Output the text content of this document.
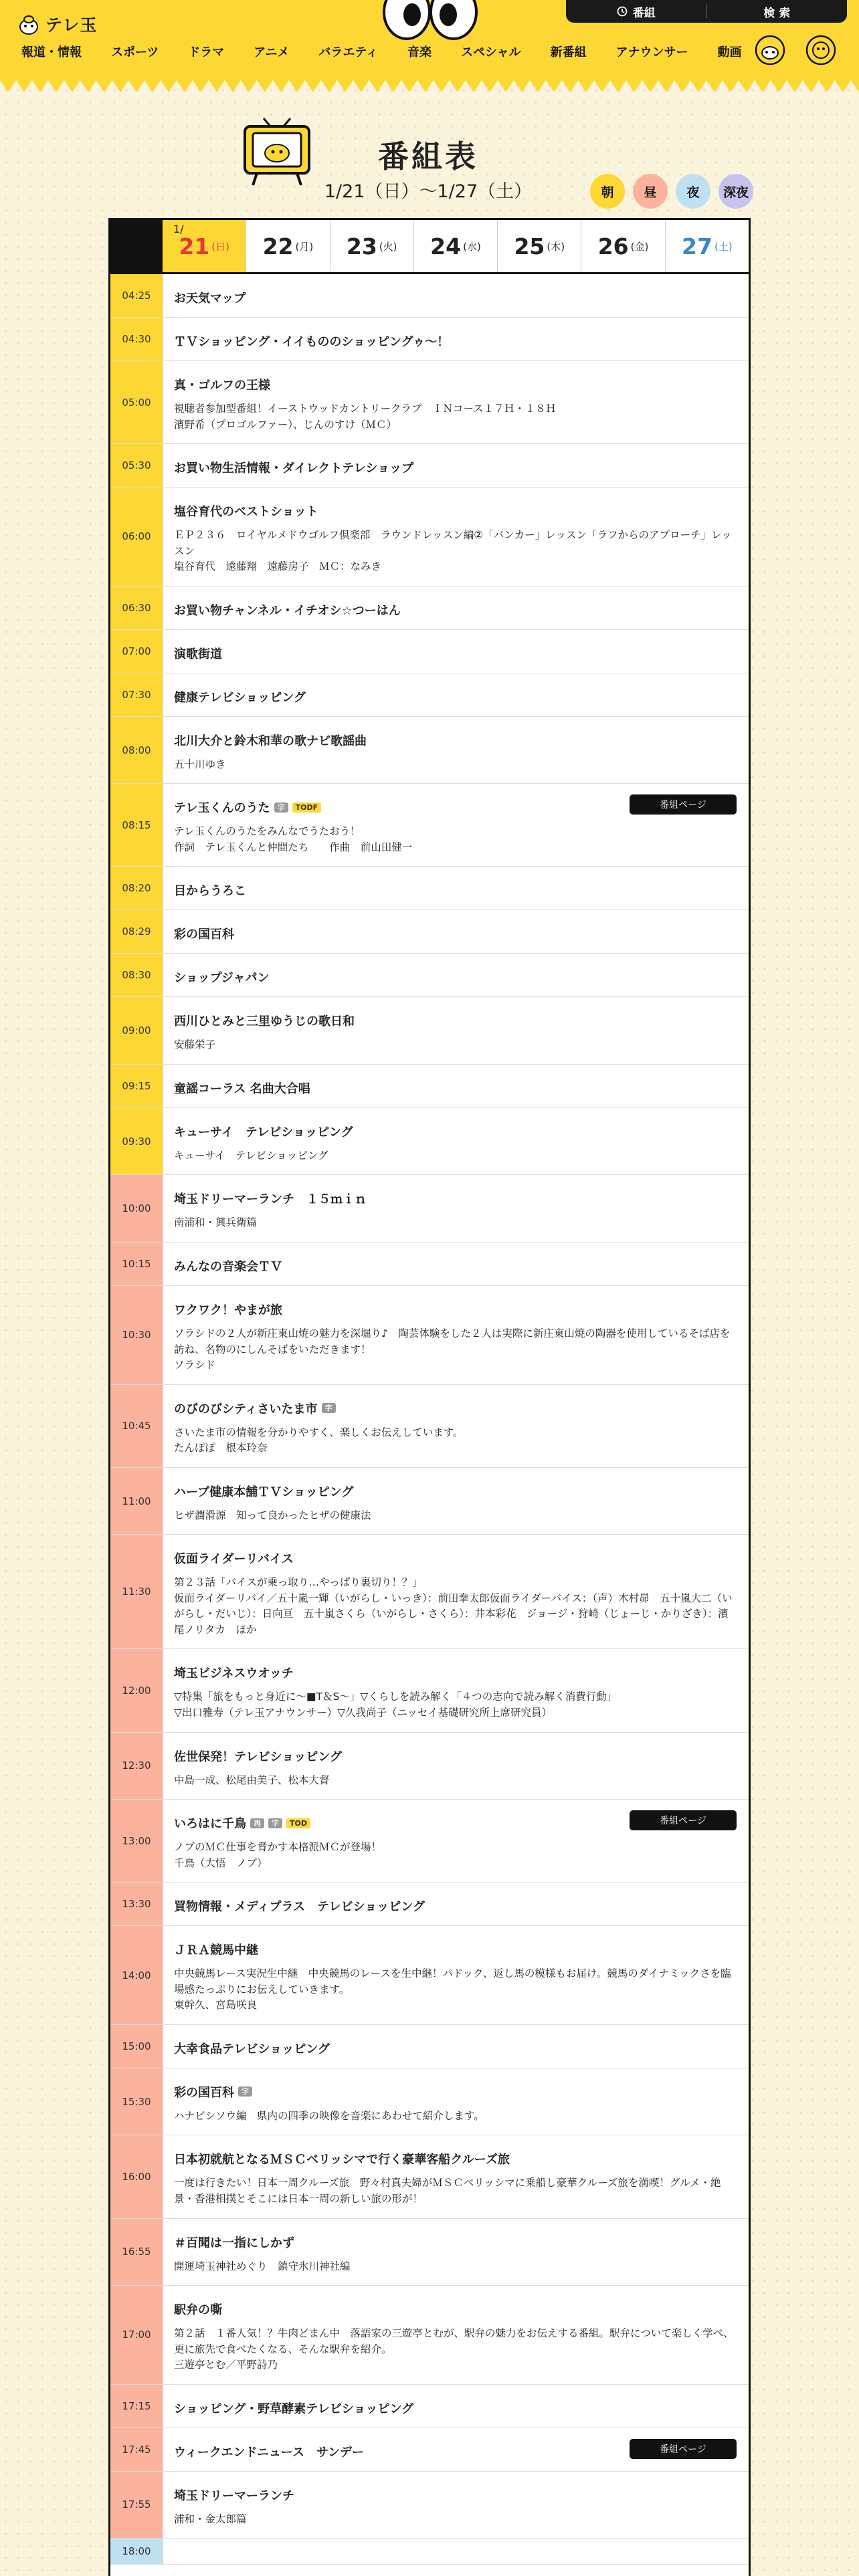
テレ玉
番組	検 索
報道・情報 スポーツ ドラマ アニメ バラエティ 音楽 スペシャル 新番組 アナウンサー 動画
番組表
1/21（日）〜1/27（土）	朝	昼	夜	深夜
1/
21 (日) 22 (月) 23 (火) 24 (水) 25 (木) 26 (金) 27 (土)
04:25	お天気マップ
04:30	ＴＶショッピング・イイもののショッピングゥ～！
05:00
真・ゴルフの王様
視聴者参加型番組！イーストウッドカントリークラブ　ＩＮコース１７Ｈ・１８Ｈ
濱野希（プロゴルファー）、じんのすけ（ＭＣ）
05:30	お買い物生活情報・ダイレクトテレショップ
06:00
塩谷育代のベストショット
ＥＰ２３６　ロイヤルメドウゴルフ倶楽部　ラウンドレッスン編②「バンカー」レッスン「ラフからのアプローチ」レッスン
塩谷育代　遠藤翔　遠藤房子　ＭＣ：なみき
06:30	お買い物チャンネル・イチオシ☆つーはん
07:00	演歌街道
07:30	健康テレビショッピング
08:00
北川大介と鈴木和華の歌ナビ歌謡曲
五十川ゆき
08:15
テレ玉くんのうた	字	TODF	番組ページ
テレ玉くんのうたをみんなでうたおう！
作詞　テレ玉くんと仲間たち　　作曲　前山田健一
08:20	目からうろこ
08:29	彩の国百科
08:30	ショップジャパン
09:00
西川ひとみと三里ゆうじの歌日和
安藤栄子
09:15	童謡コーラス 名曲大合唱
09:30
キューサイ　テレビショッピング
キューサイ　テレビショッピング
10:00
埼玉ドリーマーランチ　１５ｍｉｎ
南浦和・興兵衛篇
10:15	みんなの音楽会ＴＶ
10:30
ワクワク！やまが旅
ソラシドの２人が新庄東山焼の魅力を深堀り♪　陶芸体験をした２人は実際に新庄東山焼の陶器を使用しているそば店を訪ね、名物のにしんそばをいただきます！
ソラシド
10:45
のびのびシティさいたま市	字
さいたま市の情報を分かりやすく、楽しくお伝えしています。
たんぽぽ　根本玲奈
11:00
ハーブ健康本舗ＴＶショッピング
ヒザ潤滑源　知って良かったヒザの健康法
11:30
仮面ライダーリバイス
第２３話「バイスが乗っ取り…やっぱり裏切り！？」
仮面ライダーリバイ／五十嵐一輝（いがらし・いっき）：前田拳太郎仮面ライダーバイス：（声）木村昴　五十嵐大二（いがらし・だいじ）：日向亘　五十嵐さくら（いがらし・さくら）：井本彩花　ジョージ・狩崎（じょーじ・かりざき）：濱尾ノリタカ　ほか
12:00
埼玉ビジネスウオッチ
▽特集「旅をもっと身近に～■T＆S～」▽くらしを読み解く「４つの志向で読み解く消費行動」
▽出口雅寿（テレ玉アナウンサー）▽久我尚子（ニッセイ基礎研究所上席研究員）
12:30
佐世保発！テレビショッピング
中島一成、松尾由美子、松本大督
13:00
いろはに千鳥	再	字	TOD	番組ページ
ノブのＭＣ仕事を脅かす本格派ＭＣが登場！
千鳥（大悟　ノブ）
13:30	買物情報・メディプラス　テレビショッピング
14:00
ＪＲＡ競馬中継
中央競馬レース実況生中継　中央競馬のレースを生中継！パドック、返し馬の模様もお届け。競馬のダイナミックさを臨場感たっぷりにお伝えしていきます。
東幹久、宮島咲良
15:00	大幸食品テレビショッピング
15:30
彩の国百科	字
ハナビシソウ編　県内の四季の映像を音楽にあわせて紹介します。
16:00
日本初就航となるＭＳＣベリッシマで行く豪華客船クルーズ旅
一度は行きたい！日本一周クルーズ旅　野々村真夫婦がＭＳＣベリッシマに乗船し豪華クルーズ旅を満喫！グルメ・絶景・香港相撲とそこには日本一周の新しい旅の形が！
16:55
＃百聞は一指にしかず
開運埼玉神社めぐり　鎮守氷川神社編
17:00
駅弁の嘶
第２話　１番人気！？牛肉どまん中　落語家の三遊亭とむが、駅弁の魅力をお伝えする番組。駅弁について楽しく学べ、更に旅先で食べたくなる、そんな駅弁を紹介。
三遊亭とむ／平野詩乃
17:15	ショッピング・野草酵素テレビショッピング
17:45	ウィークエンドニュース　サンデー	番組ページ
17:55
埼玉ドリーマーランチ
浦和・金太郎篇
18:00
